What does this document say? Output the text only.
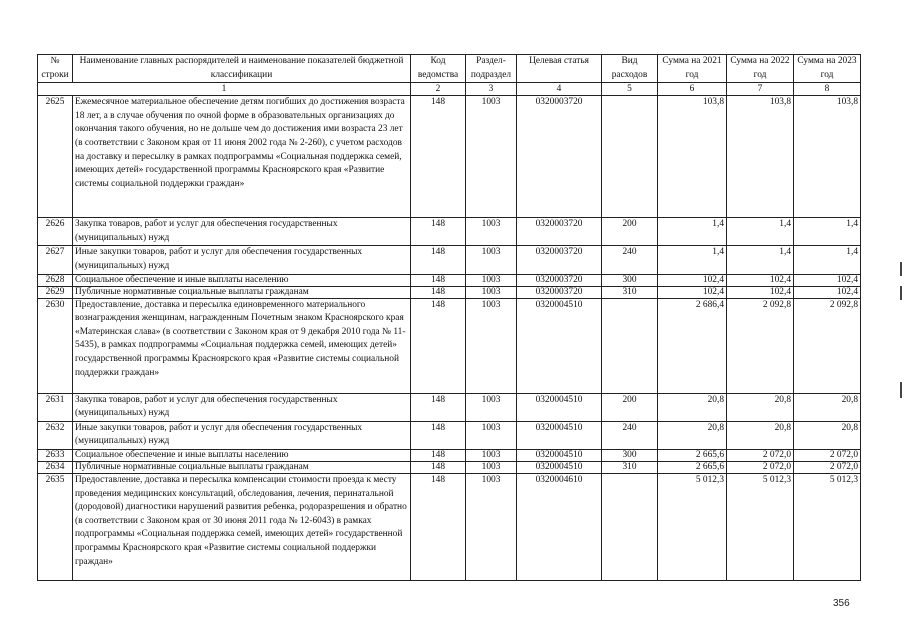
№ строки	Наименование главных распорядителей и наименование показателей бюджетной классификации	Код ведомства	Раздел-подраздел	Целевая статья	Вид расходов	Сумма на 2021 год	Сумма на 2022 год	Сумма на 2023 год
1		2	3	4	5	6	7	8
2625	Ежемесячное материальное обеспечение детям погибших до достижения возраста 18 лет, а в случае обучения по очной форме в образовательных организациях до окончания такого обучения, но не дольше чем до достижения ими возраста 23 лет (в соответствии с Законом края от 11 июня 2002 года № 2-260), с учетом расходов на доставку и пересылку в рамках подпрограммы «Социальная поддержка семей, имеющих детей» государственной программы Красноярского края «Развитие системы социальной поддержки граждан»	148	1003	0320003720		103,8	103,8	103,8
2626	Закупка товаров, работ и услуг для обеспечения государственных (муниципальных) нужд	148	1003	0320003720	200	1,4	1,4	1,4
2627	Иные закупки товаров, работ и услуг для обеспечения государственных (муниципальных) нужд	148	1003	0320003720	240	1,4	1,4	1,4
2628	Социальное обеспечение и иные выплаты населению	148	1003	0320003720	300	102,4	102,4	102,4
2629	Публичные нормативные социальные выплаты гражданам	148	1003	0320003720	310	102,4	102,4	102,4
2630	Предоставление, доставка и пересылка единовременного материального вознаграждения женщинам, награжденным Почетным знаком Красноярского края «Материнская слава» (в соответствии с Законом края от 9 декабря 2010 года № 11-5435), в рамках подпрограммы «Социальная поддержка семей, имеющих детей» государственной программы Красноярского края «Развитие системы социальной поддержки граждан»	148	1003	0320004510		2 686,4	2 092,8	2 092,8
2631	Закупка товаров, работ и услуг для обеспечения государственных (муниципальных) нужд	148	1003	0320004510	200	20,8	20,8	20,8
2632	Иные закупки товаров, работ и услуг для обеспечения государственных (муниципальных) нужд	148	1003	0320004510	240	20,8	20,8	20,8
2633	Социальное обеспечение и иные выплаты населению	148	1003	0320004510	300	2 665,6	2 072,0	2 072,0
2634	Публичные нормативные социальные выплаты гражданам	148	1003	0320004510	310	2 665,6	2 072,0	2 072,0
2635	Предоставление, доставка и пересылка компенсации стоимости проезда к месту проведения медицинских консультаций, обследования, лечения, перинатальной (дородовой) диагностики нарушений развития ребенка, родоразрешения и обратно (в соответствии с Законом края от 30 июня 2011 года № 12-6043) в рамках подпрограммы «Социальная поддержка семей, имеющих детей» государственной программы Красноярского края «Развитие системы социальной поддержки граждан»	148	1003	0320004610		5 012,3	5 012,3	5 012,3
356
